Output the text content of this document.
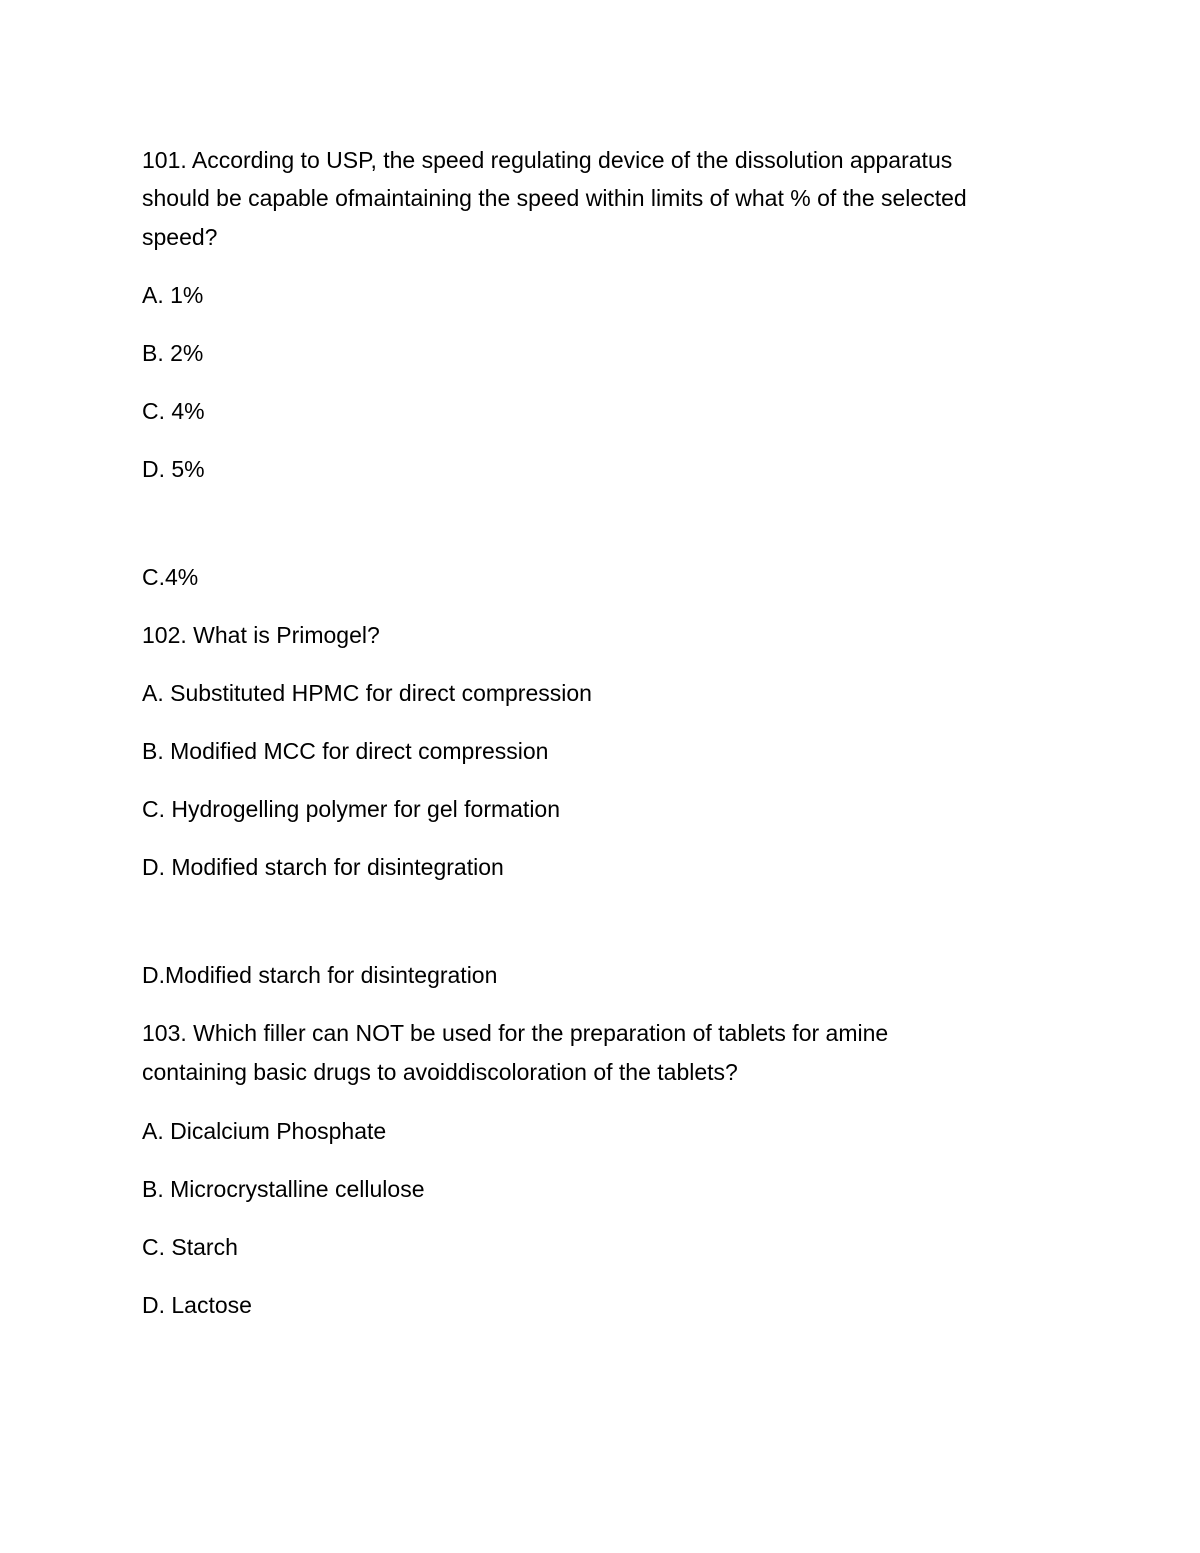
101. According to USP, the speed regulating device of the dissolution apparatus
should be capable ofmaintaining the speed within limits of what % of the selected
speed?
A. 1%
B. 2%
C. 4%
D. 5%
C.4%
102. What is Primogel?
A. Substituted HPMC for direct compression
B. Modified MCC for direct compression
C. Hydrogelling polymer for gel formation
D. Modified starch for disintegration
D.Modified starch for disintegration
103. Which filler can NOT be used for the preparation of tablets for amine
containing basic drugs to avoiddiscoloration of the tablets?
A. Dicalcium Phosphate
B. Microcrystalline cellulose
C. Starch
D. Lactose
